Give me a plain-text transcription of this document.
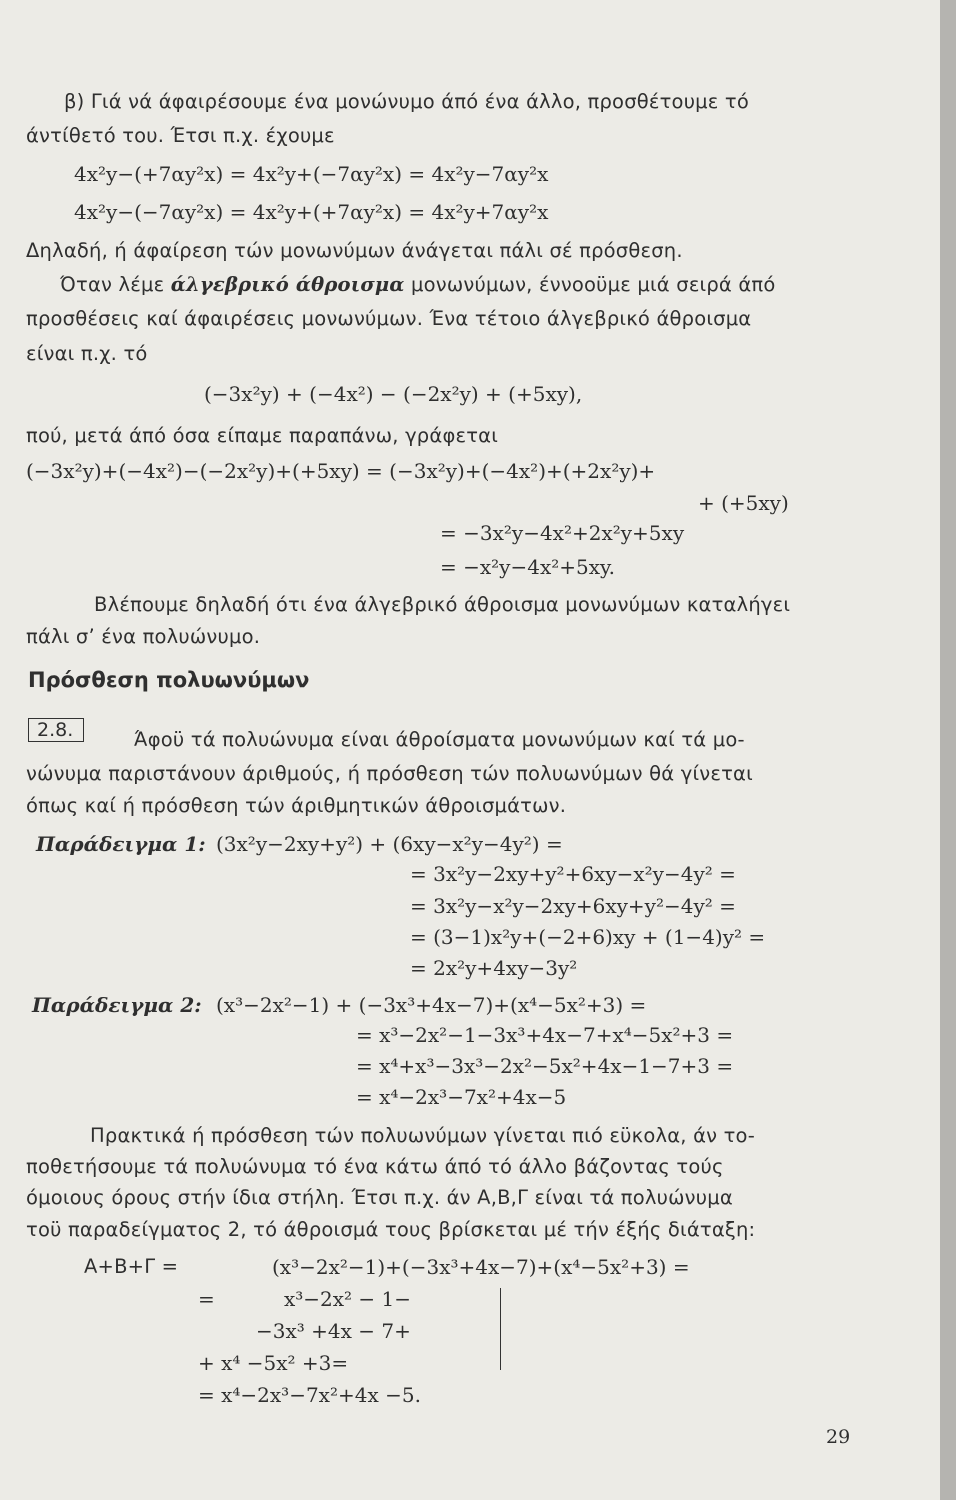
β) Γιά νά άφαιρέσουμε ένα μονώνυμο άπό ένα άλλο, προσθέτουμε τό
άντίθετό του. Έτσι π.χ. έχουμε
4x²y−(+7αy²x) = 4x²y+(−7αy²x) = 4x²y−7αy²x
4x²y−(−7αy²x) = 4x²y+(+7αy²x) = 4x²y+7αy²x
Δηλαδή, ή άφαίρεση τών μονωνύμων άνάγεται πάλι σέ πρόσθεση.
Όταν λέμε άλγεβρικό άθροισμα μονωνύμων, έννοοϋμε μιά σειρά άπό
προσθέσεις καί άφαιρέσεις μονωνύμων. Ένα τέτοιο άλγεβρικό άθροισμα
είναι π.χ. τό
(−3x²y) + (−4x²) − (−2x²y) + (+5xy),
πού, μετά άπό όσα είπαμε παραπάνω, γράφεται
(−3x²y)+(−4x²)−(−2x²y)+(+5xy) = (−3x²y)+(−4x²)+(+2x²y)+
+ (+5xy)
= −3x²y−4x²+2x²y+5xy
= −x²y−4x²+5xy.
Βλέπουμε δηλαδή ότι ένα άλγεβρικό άθροισμα μονωνύμων καταλήγει
πάλι σ’ ένα πολυώνυμο.
Πρόσθεση πολυωνύμων
2.8.	Άφοϋ τά πολυώνυμα είναι άθροίσματα μονωνύμων καί τά μο-
νώνυμα παριστάνουν άριθμούς, ή πρόσθεση τών πολυωνύμων θά γίνεται
όπως καί ή πρόσθεση τών άριθμητικών άθροισμάτων.
Παράδειγμα 1: (3x²y−2xy+y²) + (6xy−x²y−4y²) =
= 3x²y−2xy+y²+6xy−x²y−4y² =
= 3x²y−x²y−2xy+6xy+y²−4y² =
= (3−1)x²y+(−2+6)xy + (1−4)y² =
= 2x²y+4xy−3y²
Παράδειγμα 2: (x³−2x²−1) + (−3x³+4x−7)+(x⁴−5x²+3) =
= x³−2x²−1−3x³+4x−7+x⁴−5x²+3 =
= x⁴+x³−3x³−2x²−5x²+4x−1−7+3 =
= x⁴−2x³−7x²+4x−5
Πρακτικά ή πρόσθεση τών πολυωνύμων γίνεται πιό εϋκολα, άν το-
ποθετήσουμε τά πολυώνυμα τό ένα κάτω άπό τό άλλο βάζοντας τούς
όμοιους όρους στήν ίδια στήλη. Έτσι π.χ. άν Α,Β,Γ είναι τά πολυώνυμα
τοϋ παραδείγματος 2, τό άθροισμά τους βρίσκεται μέ τήν έξής διάταξη:
Α+Β+Γ =	(x³−2x²−1)+(−3x³+4x−7)+(x⁴−5x²+3) =
=	x³−2x² − 1−
−3x³ +4x − 7+
+ x⁴ −5x² +3=
= x⁴−2x³−7x²+4x −5.
29
